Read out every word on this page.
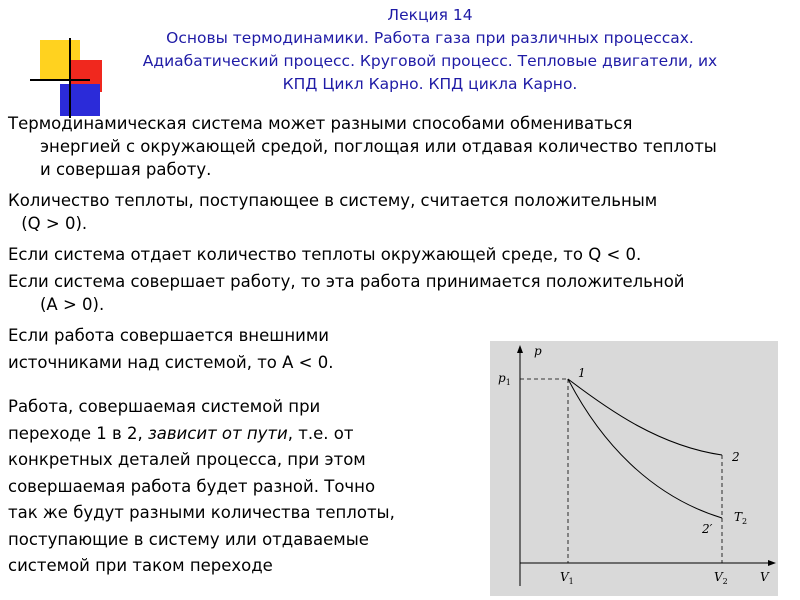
Лекция 14
Основы термодинамики. Работа газа при различных процессах.
Адиабатический процесс. Круговой процесс. Тепловые двигатели, их
КПД Цикл Карно. КПД цикла Карно.
Термодинамическая система может разными способами обмениваться
энергией с окружающей средой, поглощая или отдавая количество теплоты и совершая работу.
Количество теплоты, поступающее в систему, считается положительным
(Q > 0).
Если система отдает количество теплоты окружающей среде, то Q < 0.
Если система совершает работу, то эта работа принимается положительной
(A > 0).
Если работа совершается внешними
источниками над системой, то A < 0.
Работа, совершаемая системой при
переходе 1 в 2, зависит от пути, т.е. от
конкретных деталей процесса, при этом
совершаемая работа будет разной. Точно
так же будут разными количества теплоты,
поступающие в систему или отдаваемые
системой при таком переходе
p
V
$p_1$
$V_1$	$V_2$
1
2
2′
$T_2$
